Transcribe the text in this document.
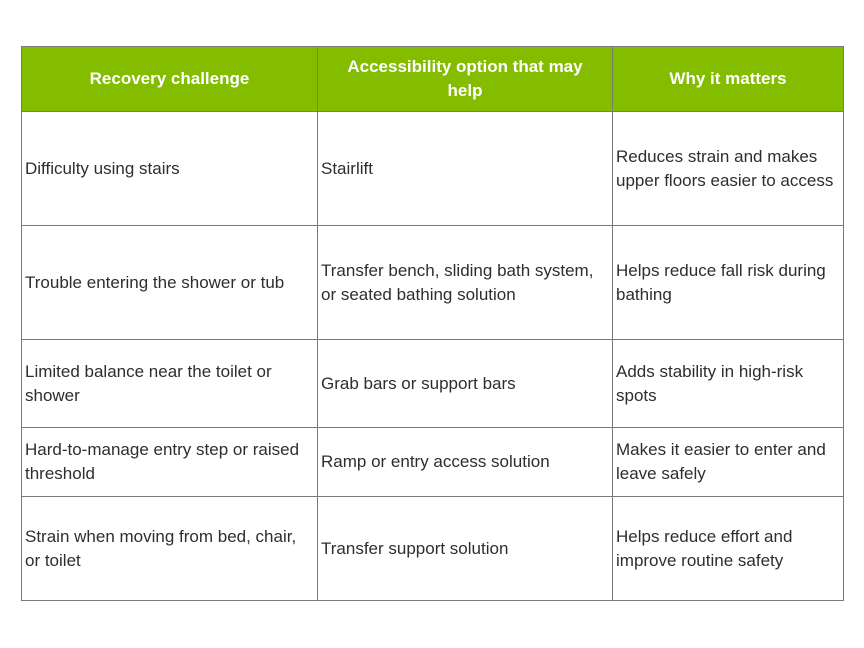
Recovery challenge	Accessibility option that may help	Why it matters
Difficulty using stairs	Stairlift	Reduces strain and makes upper floors easier to access
Trouble entering the shower or tub	Transfer bench, sliding bath system, or seated bathing solution	Helps reduce fall risk during bathing
Limited balance near the toilet or shower	Grab bars or support bars	Adds stability in high-risk spots
Hard-to-manage entry step or raised threshold	Ramp or entry access solution	Makes it easier to enter and leave safely
Strain when moving from bed, chair, or toilet	Transfer support solution	Helps reduce effort and improve routine safety
